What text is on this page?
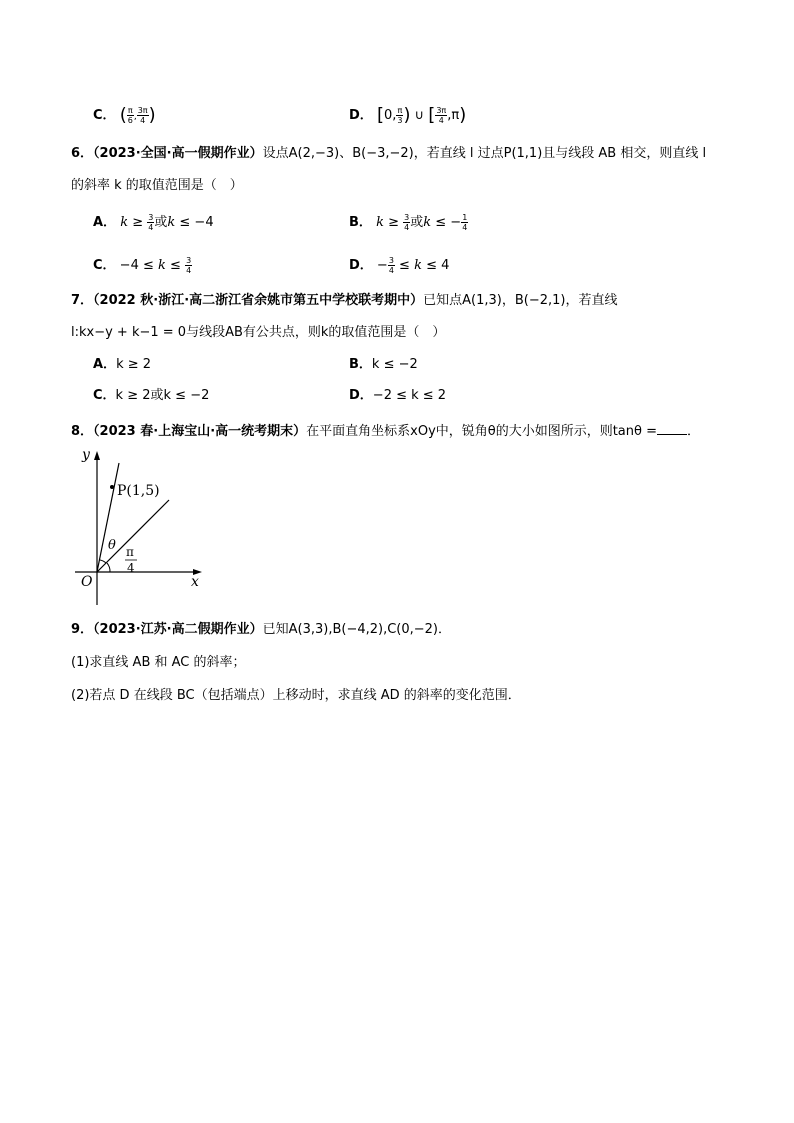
C． ( $\frac{\pi}{6}$ , $\frac{3\pi}{4}$ )	D． [0, $\frac{\pi}{3}$ ) ∪ [ $\frac{3\pi}{4} ,\pi$)
6．（2023·全国·高一假期作业）设点A(2,−3)、B(−3,−2)，若直线 l 过点P(1,1)且与线段 AB 相交，则直线 l
的斜率 k 的取值范围是（　）
A． $k \ge \frac{3}{4}$ 或k ≤ −4	B． $k \ge \frac{3}{4}$ 或k ≤ − $\frac{1}{4}$
C． $-4 \le k \le \frac{3}{4}$	D． − $\frac{3}{4} \le k \le 4$
7．（2022 秋·浙江·高二浙江省余姚市第五中学校联考期中）已知点A(1,3)，B(−2,1)，若直线
l:kx−y + k−1 = 0与线段AB有公共点，则k的取值范围是（　）
A．k ≥ 2	B．k ≤ −2
C．k ≥ 2或k ≤ −2	D．−2 ≤ k ≤ 2
8．（2023 春·上海宝山·高一统考期末）在平面直角坐标系xOy中，锐角θ的大小如图所示，则tanθ = ．
y
x
O
P(1,5)
θ π
4
9．（2023·江苏·高二假期作业）已知A(3,3),B(−4,2),C(0,−2)．
(1)求直线 AB 和 AC 的斜率；
(2)若点 D 在线段 BC（包括端点）上移动时，求直线 AD 的斜率的变化范围．
